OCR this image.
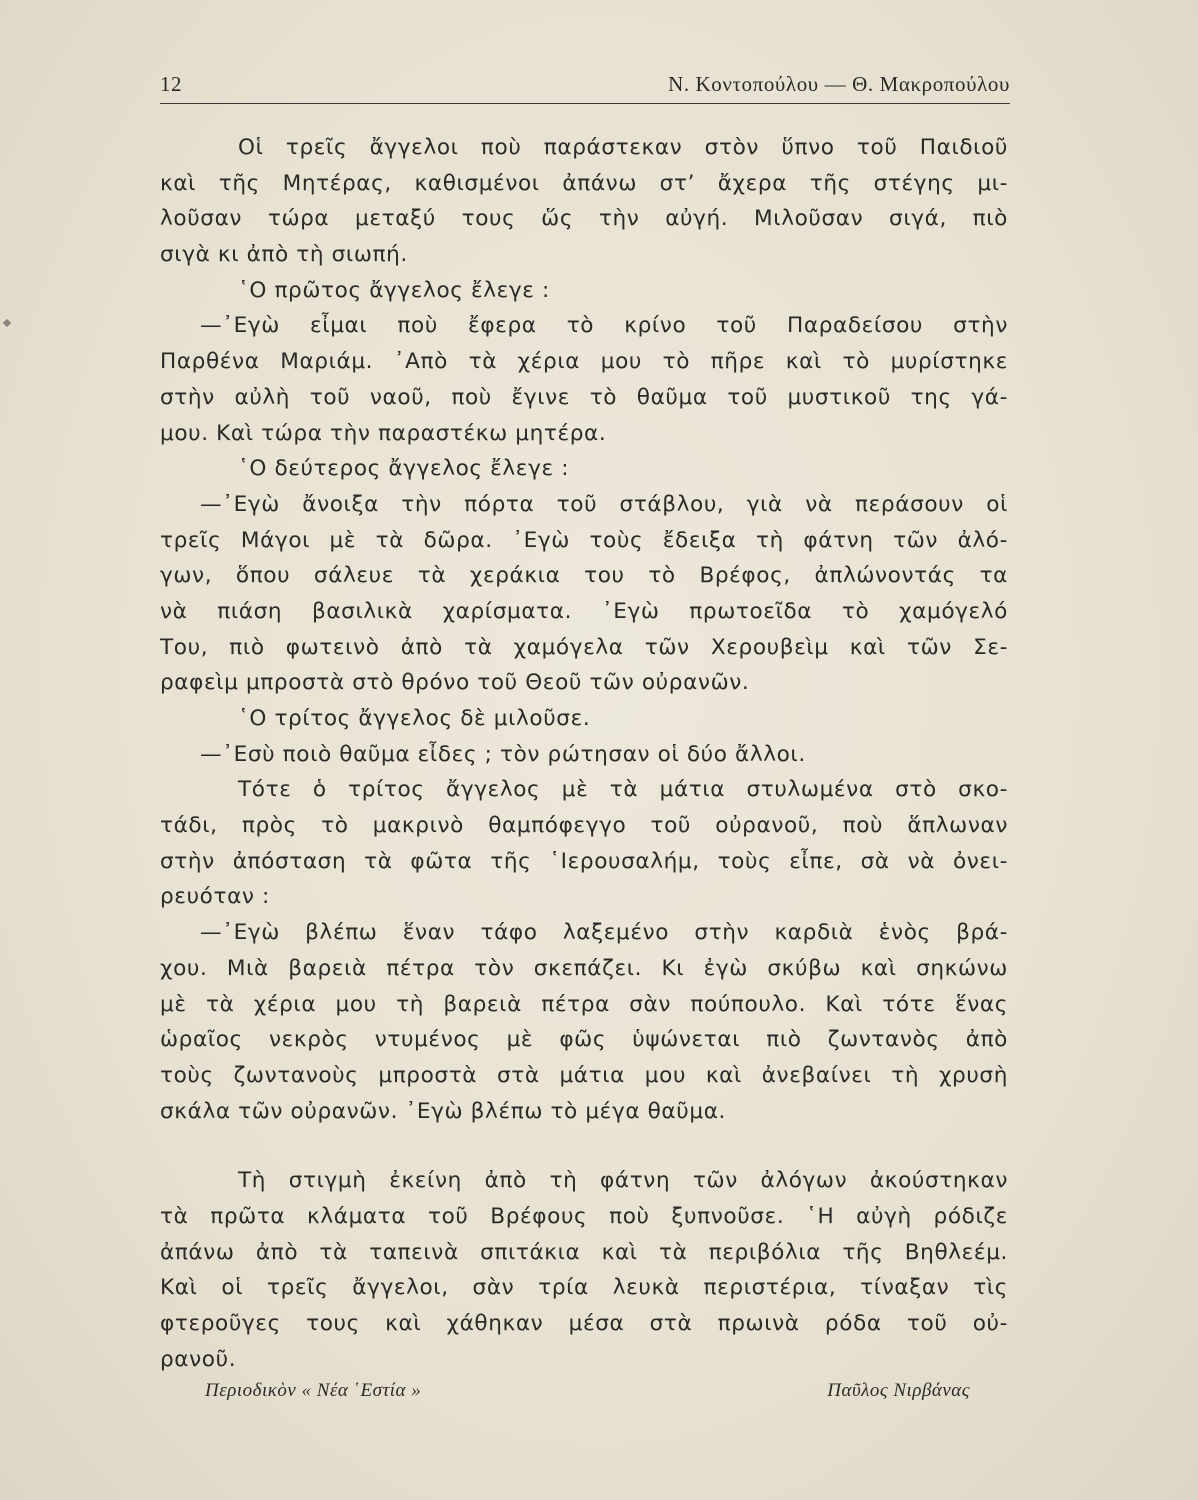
12	Ν. Κοντοπούλου — Θ. Μακροπούλου
Οἱ τρεῖς ἄγγελοι ποὺ παράστεκαν στὸν ὕπνο τοῦ Παιδιοῦ
καὶ τῆς Μητέρας, καθισμένοι ἀπάνω στ’ ἄχερα τῆς στέγης μι-
λοῦσαν τώρα μεταξύ τους ὥς τὴν αὐγή. Μιλοῦσαν σιγά, πιὸ
σιγὰ κι ἀπὸ τὴ σιωπή.
῾Ο πρῶτος ἄγγελος ἔλεγε :
—᾿Εγὼ εἶμαι ποὺ ἔφερα τὸ κρίνο τοῦ Παραδείσου στὴν
Παρθένα Μαριάμ. ᾿Απὸ τὰ χέρια μου τὸ πῆρε καὶ τὸ μυρίστηκε
στὴν αὐλὴ τοῦ ναοῦ, ποὺ ἔγινε τὸ θαῦμα τοῦ μυστικοῦ της γά-
μου. Καὶ τώρα τὴν παραστέκω μητέρα.
῾Ο δεύτερος ἄγγελος ἔλεγε :
—᾿Εγὼ ἄνοιξα τὴν πόρτα τοῦ στάβλου, γιὰ νὰ περάσουν οἱ
τρεῖς Μάγοι μὲ τὰ δῶρα. ᾿Εγὼ τοὺς ἔδειξα τὴ φάτνη τῶν ἀλό-
γων, ὅπου σάλευε τὰ χεράκια του τὸ Βρέφος, ἀπλώνοντάς τα
νὰ πιάση βασιλικὰ χαρίσματα. ᾿Εγὼ πρωτοεῖδα τὸ χαμόγελό
Του, πιὸ φωτεινὸ ἀπὸ τὰ χαμόγελα τῶν Χερουβεὶμ καὶ τῶν Σε-
ραφεὶμ μπροστὰ στὸ θρόνο τοῦ Θεοῦ τῶν οὐρανῶν.
῾Ο τρίτος ἄγγελος δὲ μιλοῦσε.
—᾿Εσὺ ποιὸ θαῦμα εἶδες ; τὸν ρώτησαν οἱ δύο ἄλλοι.
Τότε ὁ τρίτος ἄγγελος μὲ τὰ μάτια στυλωμένα στὸ σκο-
τάδι, πρὸς τὸ μακρινὸ θαμπόφεγγο τοῦ οὐρανοῦ, ποὺ ἅπλωναν
στὴν ἀπόσταση τὰ φῶτα τῆς ῾Ιερουσαλήμ, τοὺς εἶπε, σὰ νὰ ὀνει-
ρευόταν :
—᾿Εγὼ βλέπω ἕναν τάφο λαξεμένο στὴν καρδιὰ ἑνὸς βρά-
χου. Μιὰ βαρειὰ πέτρα τὸν σκεπάζει. Κι ἐγὼ σκύβω καὶ σηκώνω
μὲ τὰ χέρια μου τὴ βαρειὰ πέτρα σὰν πούπουλο. Καὶ τότε ἕνας
ὡραῖος νεκρὸς ντυμένος μὲ φῶς ὑψώνεται πιὸ ζωντανὸς ἀπὸ
τοὺς ζωντανοὺς μπροστὰ στὰ μάτια μου καὶ ἀνεβαίνει τὴ χρυσὴ
σκάλα τῶν οὐρανῶν. ᾿Εγὼ βλέπω τὸ μέγα θαῦμα.
Τὴ στιγμὴ ἐκείνη ἀπὸ τὴ φάτνη τῶν ἀλόγων ἀκούστηκαν
τὰ πρῶτα κλάματα τοῦ Βρέφους ποὺ ξυπνοῦσε. ῾Η αὐγὴ ρόδιζε
ἀπάνω ἀπὸ τὰ ταπεινὰ σπιτάκια καὶ τὰ περιβόλια τῆς Βηθλεέμ.
Καὶ οἱ τρεῖς ἄγγελοι, σὰν τρία λευκὰ περιστέρια, τίναξαν τὶς
φτεροῦγες τους καὶ χάθηκαν μέσα στὰ πρωινὰ ρόδα τοῦ οὐ-
ρανοῦ.
Περιοδικὸν « Νέα ῾Εστία »	Παῦλος Νιρβάνας
